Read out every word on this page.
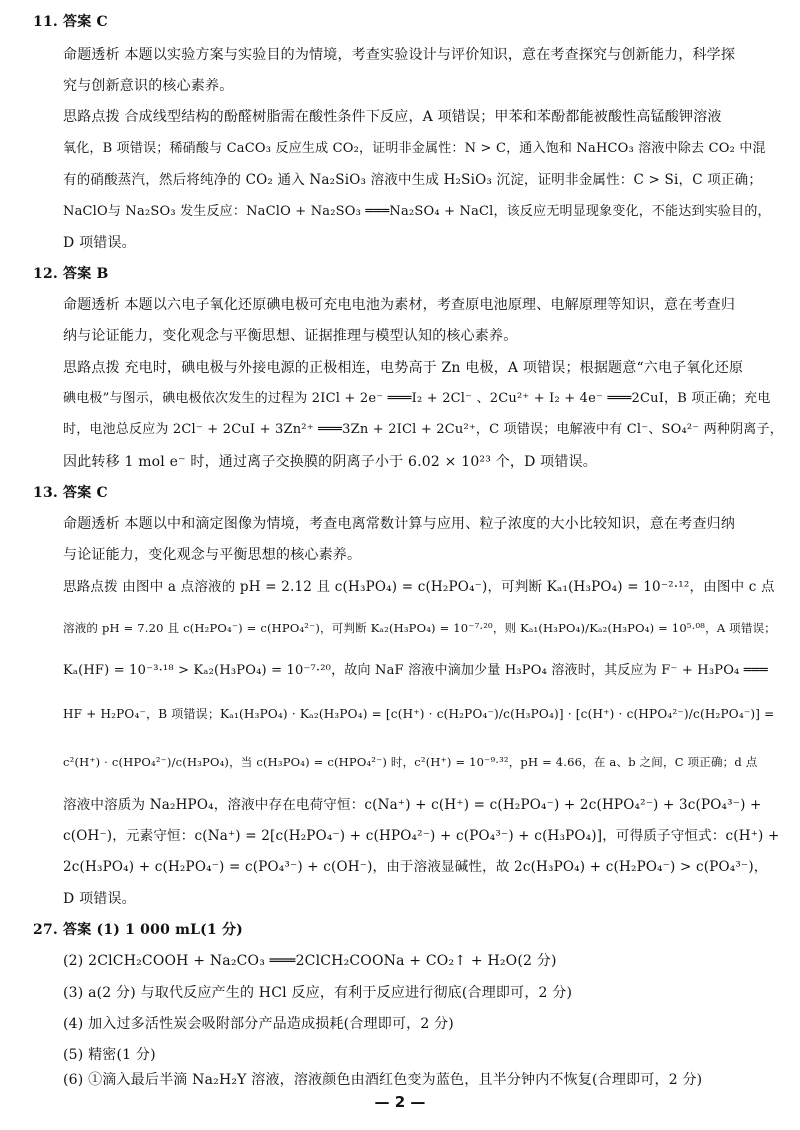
11. 答案 C
命题透析 本题以实验方案与实验目的为情境，考查实验设计与评价知识，意在考查探究与创新能力，科学探
究与创新意识的核心素养。
思路点拨 合成线型结构的酚醛树脂需在酸性条件下反应，A 项错误；甲苯和苯酚都能被酸性高锰酸钾溶液
氧化，B 项错误；稀硝酸与 CaCO₃ 反应生成 CO₂，证明非金属性：N > C，通入饱和 NaHCO₃ 溶液中除去 CO₂ 中混
有的硝酸蒸汽，然后将纯净的 CO₂ 通入 Na₂SiO₃ 溶液中生成 H₂SiO₃ 沉淀，证明非金属性：C > Si，C 项正确；
NaClO与 Na₂SO₃ 发生反应：NaClO + Na₂SO₃ ═══Na₂SO₄ + NaCl，该反应无明显现象变化，不能达到实验目的，
D 项错误。
12. 答案 B
命题透析 本题以六电子氧化还原碘电极可充电电池为素材，考查原电池原理、电解原理等知识，意在考查归
纳与论证能力，变化观念与平衡思想、证据推理与模型认知的核心素养。
思路点拨 充电时，碘电极与外接电源的正极相连，电势高于 Zn 电极，A 项错误；根据题意“六电子氧化还原
碘电极”与图示，碘电极依次发生的过程为 2ICl + 2e⁻ ═══I₂ + 2Cl⁻ 、2Cu²⁺ + I₂ + 4e⁻ ═══2CuI，B 项正确；充电
时，电池总反应为 2Cl⁻ + 2CuI + 3Zn²⁺ ═══3Zn + 2ICl + 2Cu²⁺，C 项错误；电解液中有 Cl⁻、SO₄²⁻ 两种阴离子，
因此转移 1 mol e⁻ 时，通过离子交换膜的阴离子小于 6.02 × 10²³ 个，D 项错误。
13. 答案 C
命题透析 本题以中和滴定图像为情境，考查电离常数计算与应用、粒子浓度的大小比较知识，意在考查归纳
与论证能力，变化观念与平衡思想的核心素养。
思路点拨 由图中 a 点溶液的 pH = 2.12 且 c(H₃PO₄) = c(H₂PO₄⁻)，可判断 Kₐ₁(H₃PO₄) = 10⁻²·¹²，由图中 c 点
溶液的 pH = 7.20 且 c(H₂PO₄⁻) = c(HPO₄²⁻)，可判断 Kₐ₂(H₃PO₄) = 10⁻⁷·²⁰，则 Kₐ₁(H₃PO₄)/Kₐ₂(H₃PO₄) = 10⁵·⁰⁸，A 项错误；
Kₐ(HF) = 10⁻³·¹⁸ > Kₐ₂(H₃PO₄) = 10⁻⁷·²⁰，故向 NaF 溶液中滴加少量 H₃PO₄ 溶液时，其反应为 F⁻ + H₃PO₄ ═══
HF + H₂PO₄⁻，B 项错误；Kₐ₁(H₃PO₄) · Kₐ₂(H₃PO₄) = [c(H⁺) · c(H₂PO₄⁻)/c(H₃PO₄)] · [c(H⁺) · c(HPO₄²⁻)/c(H₂PO₄⁻)] =
c²(H⁺) · c(HPO₄²⁻)/c(H₃PO₄)，当 c(H₃PO₄) = c(HPO₄²⁻) 时，c²(H⁺) = 10⁻⁹·³²，pH = 4.66，在 a、b 之间，C 项正确；d 点
溶液中溶质为 Na₂HPO₄，溶液中存在电荷守恒：c(Na⁺) + c(H⁺) = c(H₂PO₄⁻) + 2c(HPO₄²⁻) + 3c(PO₄³⁻) +
c(OH⁻)，元素守恒：c(Na⁺) = 2[c(H₂PO₄⁻) + c(HPO₄²⁻) + c(PO₄³⁻) + c(H₃PO₄)]，可得质子守恒式：c(H⁺) +
2c(H₃PO₄) + c(H₂PO₄⁻) = c(PO₄³⁻) + c(OH⁻)，由于溶液显碱性，故 2c(H₃PO₄) + c(H₂PO₄⁻) > c(PO₄³⁻)，
D 项错误。
27. 答案 (1) 1 000 mL(1 分)
(2) 2ClCH₂COOH + Na₂CO₃ ═══2ClCH₂COONa + CO₂↑ + H₂O(2 分)
(3) a(2 分) 与取代反应产生的 HCl 反应，有利于反应进行彻底(合理即可，2 分)
(4) 加入过多活性炭会吸附部分产品造成损耗(合理即可，2 分)
(5) 精密(1 分)
(6) ①滴入最后半滴 Na₂H₂Y 溶液，溶液颜色由酒红色变为蓝色，且半分钟内不恢复(合理即可，2 分)
— 2 —
